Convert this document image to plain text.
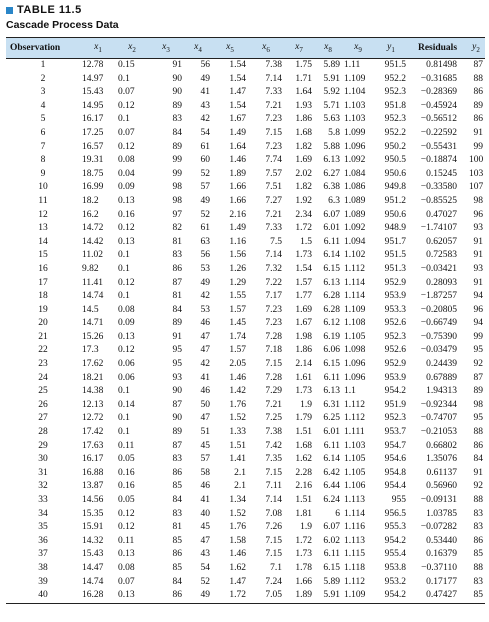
TABLE 11.5
Cascade Process Data
Observation	$x_1$	$x_2$	$x_3$	$x_4$	$x_5$	$x_6$	$x_7$	$x_8$	$x_9$	$y_1$	Residuals	$y_2$
1	12.78	0.15	91	56	1.54	7.38	1.75	5.89	1.11	951.5	0.81498	87
2	14.97	0.1	90	49	1.54	7.14	1.71	5.91	1.109	952.2	−0.31685	88
3	15.43	0.07	90	41	1.47	7.33	1.64	5.92	1.104	952.3	−0.28369	86
4	14.95	0.12	89	43	1.54	7.21	1.93	5.71	1.103	951.8	−0.45924	89
5	16.17	0.1	83	42	1.67	7.23	1.86	5.63	1.103	952.3	−0.56512	86
6	17.25	0.07	84	54	1.49	7.15	1.68	5.8	1.099	952.2	−0.22592	91
7	16.57	0.12	89	61	1.64	7.23	1.82	5.88	1.096	950.2	−0.55431	99
8	19.31	0.08	99	60	1.46	7.74	1.69	6.13	1.092	950.5	−0.18874	100
9	18.75	0.04	99	52	1.89	7.57	2.02	6.27	1.084	950.6	0.15245	103
10	16.99	0.09	98	57	1.66	7.51	1.82	6.38	1.086	949.8	−0.33580	107
11	18.2	0.13	98	49	1.66	7.27	1.92	6.3	1.089	951.2	−0.85525	98
12	16.2	0.16	97	52	2.16	7.21	2.34	6.07	1.089	950.6	0.47027	96
13	14.72	0.12	82	61	1.49	7.33	1.72	6.01	1.092	948.9	−1.74107	93
14	14.42	0.13	81	63	1.16	7.5	1.5	6.11	1.094	951.7	0.62057	91
15	11.02	0.1	83	56	1.56	7.14	1.73	6.14	1.102	951.5	0.72583	91
16	9.82	0.1	86	53	1.26	7.32	1.54	6.15	1.112	951.3	−0.03421	93
17	11.41	0.12	87	49	1.29	7.22	1.57	6.13	1.114	952.9	0.28093	91
18	14.74	0.1	81	42	1.55	7.17	1.77	6.28	1.114	953.9	−1.87257	94
19	14.5	0.08	84	53	1.57	7.23	1.69	6.28	1.109	953.3	−0.20805	96
20	14.71	0.09	89	46	1.45	7.23	1.67	6.12	1.108	952.6	−0.66749	94
21	15.26	0.13	91	47	1.74	7.28	1.98	6.19	1.105	952.3	−0.75390	99
22	17.3	0.12	95	47	1.57	7.18	1.86	6.06	1.098	952.6	−0.03479	95
23	17.62	0.06	95	42	2.05	7.15	2.14	6.15	1.096	952.9	0.24439	92
24	18.21	0.06	93	41	1.46	7.28	1.61	6.11	1.096	953.9	0.67889	87
25	14.38	0.1	90	46	1.42	7.29	1.73	6.13	1.1	954.2	1.94313	89
26	12.13	0.14	87	50	1.76	7.21	1.9	6.31	1.112	951.9	−0.92344	98
27	12.72	0.1	90	47	1.52	7.25	1.79	6.25	1.112	952.3	−0.74707	95
28	17.42	0.1	89	51	1.33	7.38	1.51	6.01	1.111	953.7	−0.21053	88
29	17.63	0.11	87	45	1.51	7.42	1.68	6.11	1.103	954.7	0.66802	86
30	16.17	0.05	83	57	1.41	7.35	1.62	6.14	1.105	954.6	1.35076	84
31	16.88	0.16	86	58	2.1	7.15	2.28	6.42	1.105	954.8	0.61137	91
32	13.87	0.16	85	46	2.1	7.11	2.16	6.44	1.106	954.4	0.56960	92
33	14.56	0.05	84	41	1.34	7.14	1.51	6.24	1.113	955	−0.09131	88
34	15.35	0.12	83	40	1.52	7.08	1.81	6	1.114	956.5	1.03785	83
35	15.91	0.12	81	45	1.76	7.26	1.9	6.07	1.116	955.3	−0.07282	83
36	14.32	0.11	85	47	1.58	7.15	1.72	6.02	1.113	954.2	0.53440	86
37	15.43	0.13	86	43	1.46	7.15	1.73	6.11	1.115	955.4	0.16379	85
38	14.47	0.08	85	54	1.62	7.1	1.78	6.15	1.118	953.8	−0.37110	88
39	14.74	0.07	84	52	1.47	7.24	1.66	5.89	1.112	953.2	0.17177	83
40	16.28	0.13	86	49	1.72	7.05	1.89	5.91	1.109	954.2	0.47427	85
